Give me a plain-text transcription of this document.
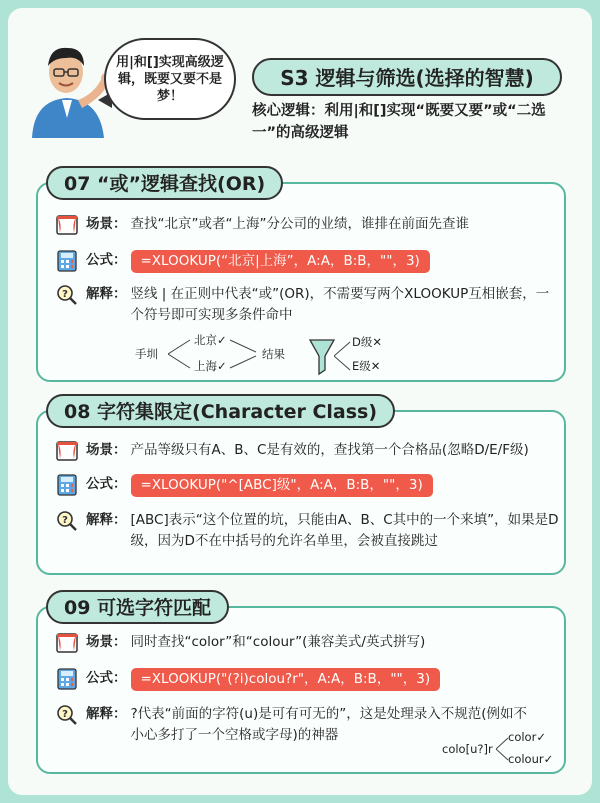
用|和[]实现高级逻辑，既要又要不是梦！
S3 逻辑与筛选(选择的智慧)
核心逻辑：利用|和[]实现“既要又要”或“二选一”的高级逻辑
07 “或”逻辑查找(OR)
场景： 查找“北京”或者“上海”分公司的业绩，谁排在前面先查谁
公式：	=XLOOKUP(“北京|上海”，A:A，B:B，""，3)
? 解释： 竖线 | 在正则中代表“或”(OR)，不需要写两个XLOOKUP互相嵌套，一个符号即可实现多条件命中
手圳
北京✓
上海✓
结果
D级✕
E级✕
08 字符集限定(Character Class)
场景： 产品等级只有A、B、C是有效的，查找第一个合格品(忽略D/E/F级)
公式：	=XLOOKUP("^[ABC]级"，A:A，B:B，""，3)
? 解释： [ABC]表示“这个位置的坑，只能由A、B、C其中的一个来填”，如果是D级，因为D不在中括号的允许名单里，会被直接跳过
09 可选字符匹配
场景： 同时查找“color”和“colour”(兼容美式/英式拼写)
公式：	=XLOOKUP("(?i)colou?r"，A:A，B:B，""，3)
? 解释： ?代表“前面的字符(u)是可有可无的”，这是处理录入不规范(例如不小心多打了一个空格或字母)的神器
colo[u?]r
color✓
colour✓
